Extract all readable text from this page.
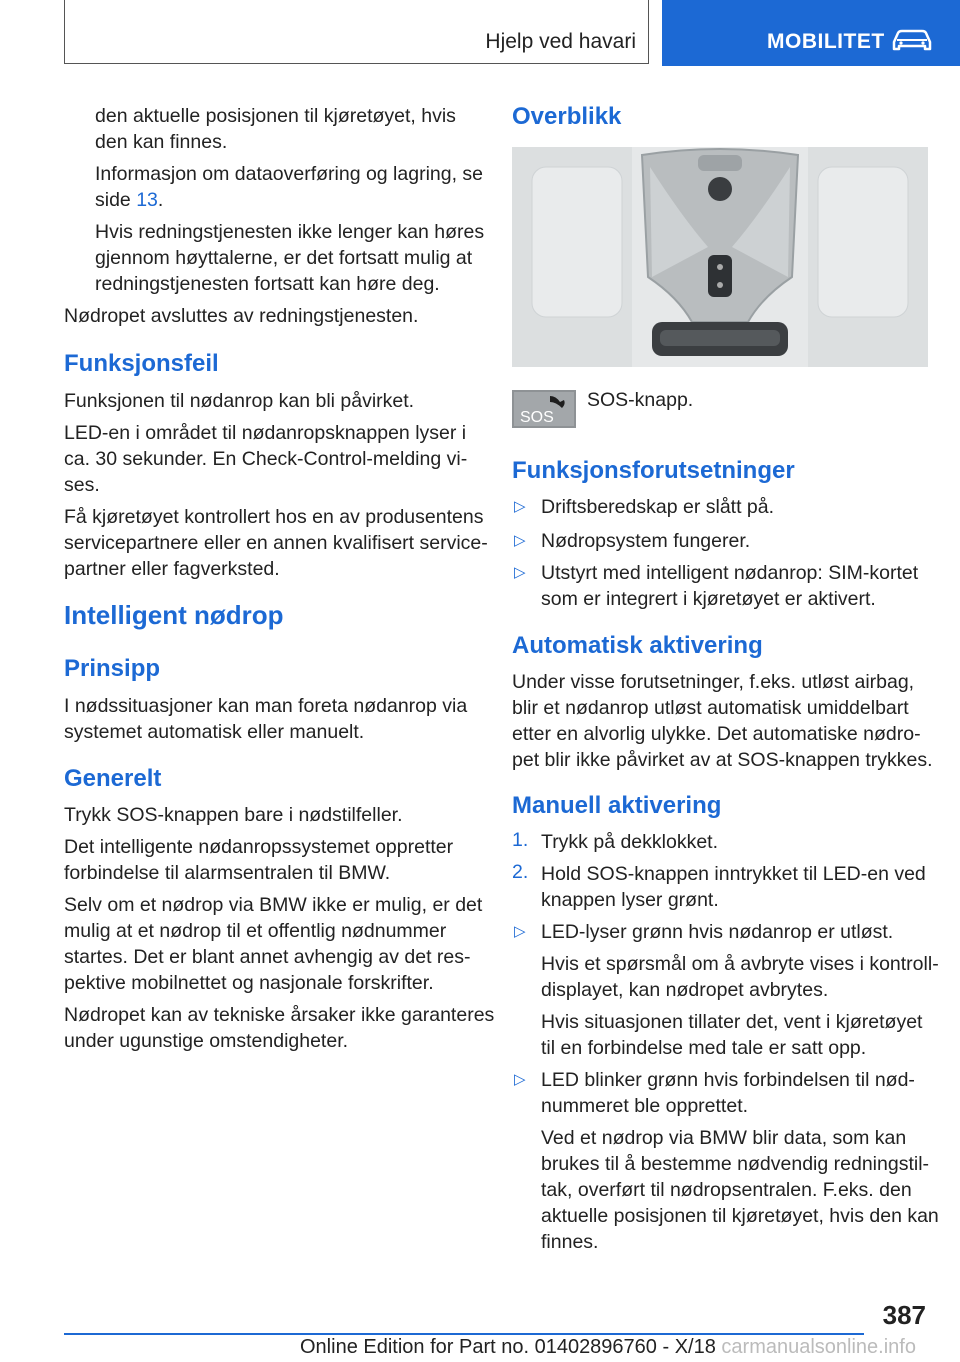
Hjelp ved havari	MOBILITET

den aktuelle posisjonen til kjøretøyet, hvis

den kan finnes.

Informasjon om dataoverføring og lagring, se

side 13.

Hvis redningstjenesten ikke lenger kan høres

gjennom høyttalerne, er det fortsatt mulig at

redningstjenesten fortsatt kan høre deg.

Nødropet avsluttes av redningstjenesten.

Funksjonsfeil

Funksjonen til nødanrop kan bli påvirket.

LED-en i området til nødanropsknappen lyser i

ca. 30 sekunder. En Check-Control-melding vi-

ses.

Få kjøretøyet kontrollert hos en av produsentens

servicepartnere eller en annen kvalifisert service-

partner eller fagverksted.

Intelligent nødrop
Prinsipp

I nødssituasjoner kan man foreta nødanrop via

systemet automatisk eller manuelt.

Generelt

Trykk SOS-knappen bare i nødstilfeller.

Det intelligente nødanropssystemet oppretter

forbindelse til alarmsentralen til BMW.

Selv om et nødrop via BMW ikke er mulig, er det

mulig at et nødrop til et offentlig nødnummer

startes. Det er blant annet avhengig av det res-

pektive mobilnettet og nasjonale forskrifter.

Nødropet kan av tekniske årsaker ikke garanteres

under ugunstige omstendigheter.

Overblikk
SOS

SOS-knapp.

Funksjonsforutsetninger
▷ Driftsberedskap er slått på.

▷ Nødropsystem fungerer.

▷ Utstyrt med intelligent nødanrop: SIM-kortet

som er integrert i kjøretøyet er aktivert.

Automatisk aktivering

Under visse forutsetninger, f.eks. utløst airbag,

blir et nødanrop utløst automatisk umiddelbart

etter en alvorlig ulykke. Det automatiske nødro-

pet blir ikke påvirket av at SOS-knappen trykkes.

Manuell aktivering
1. Trykk på dekklokket.

2. Hold SOS-knappen inntrykket til LED-en ved

knappen lyser grønt.

▷ LED-lyser grønn hvis nødanrop er utløst.

Hvis et spørsmål om å avbryte vises i kontroll-

displayet, kan nødropet avbrytes.

Hvis situasjonen tillater det, vent i kjøretøyet

til en forbindelse med tale er satt opp.

▷ LED blinker grønn hvis forbindelsen til nød-

nummeret ble opprettet.

Ved et nødrop via BMW blir data, som kan

brukes til å bestemme nødvendig redningstil-

tak, overført til nødropsentralen. F.eks. den

aktuelle posisjonen til kjøretøyet, hvis den kan

finnes.

387
Online Edition for Part no. 01402896760 - X/18 carmanualsonline.info
